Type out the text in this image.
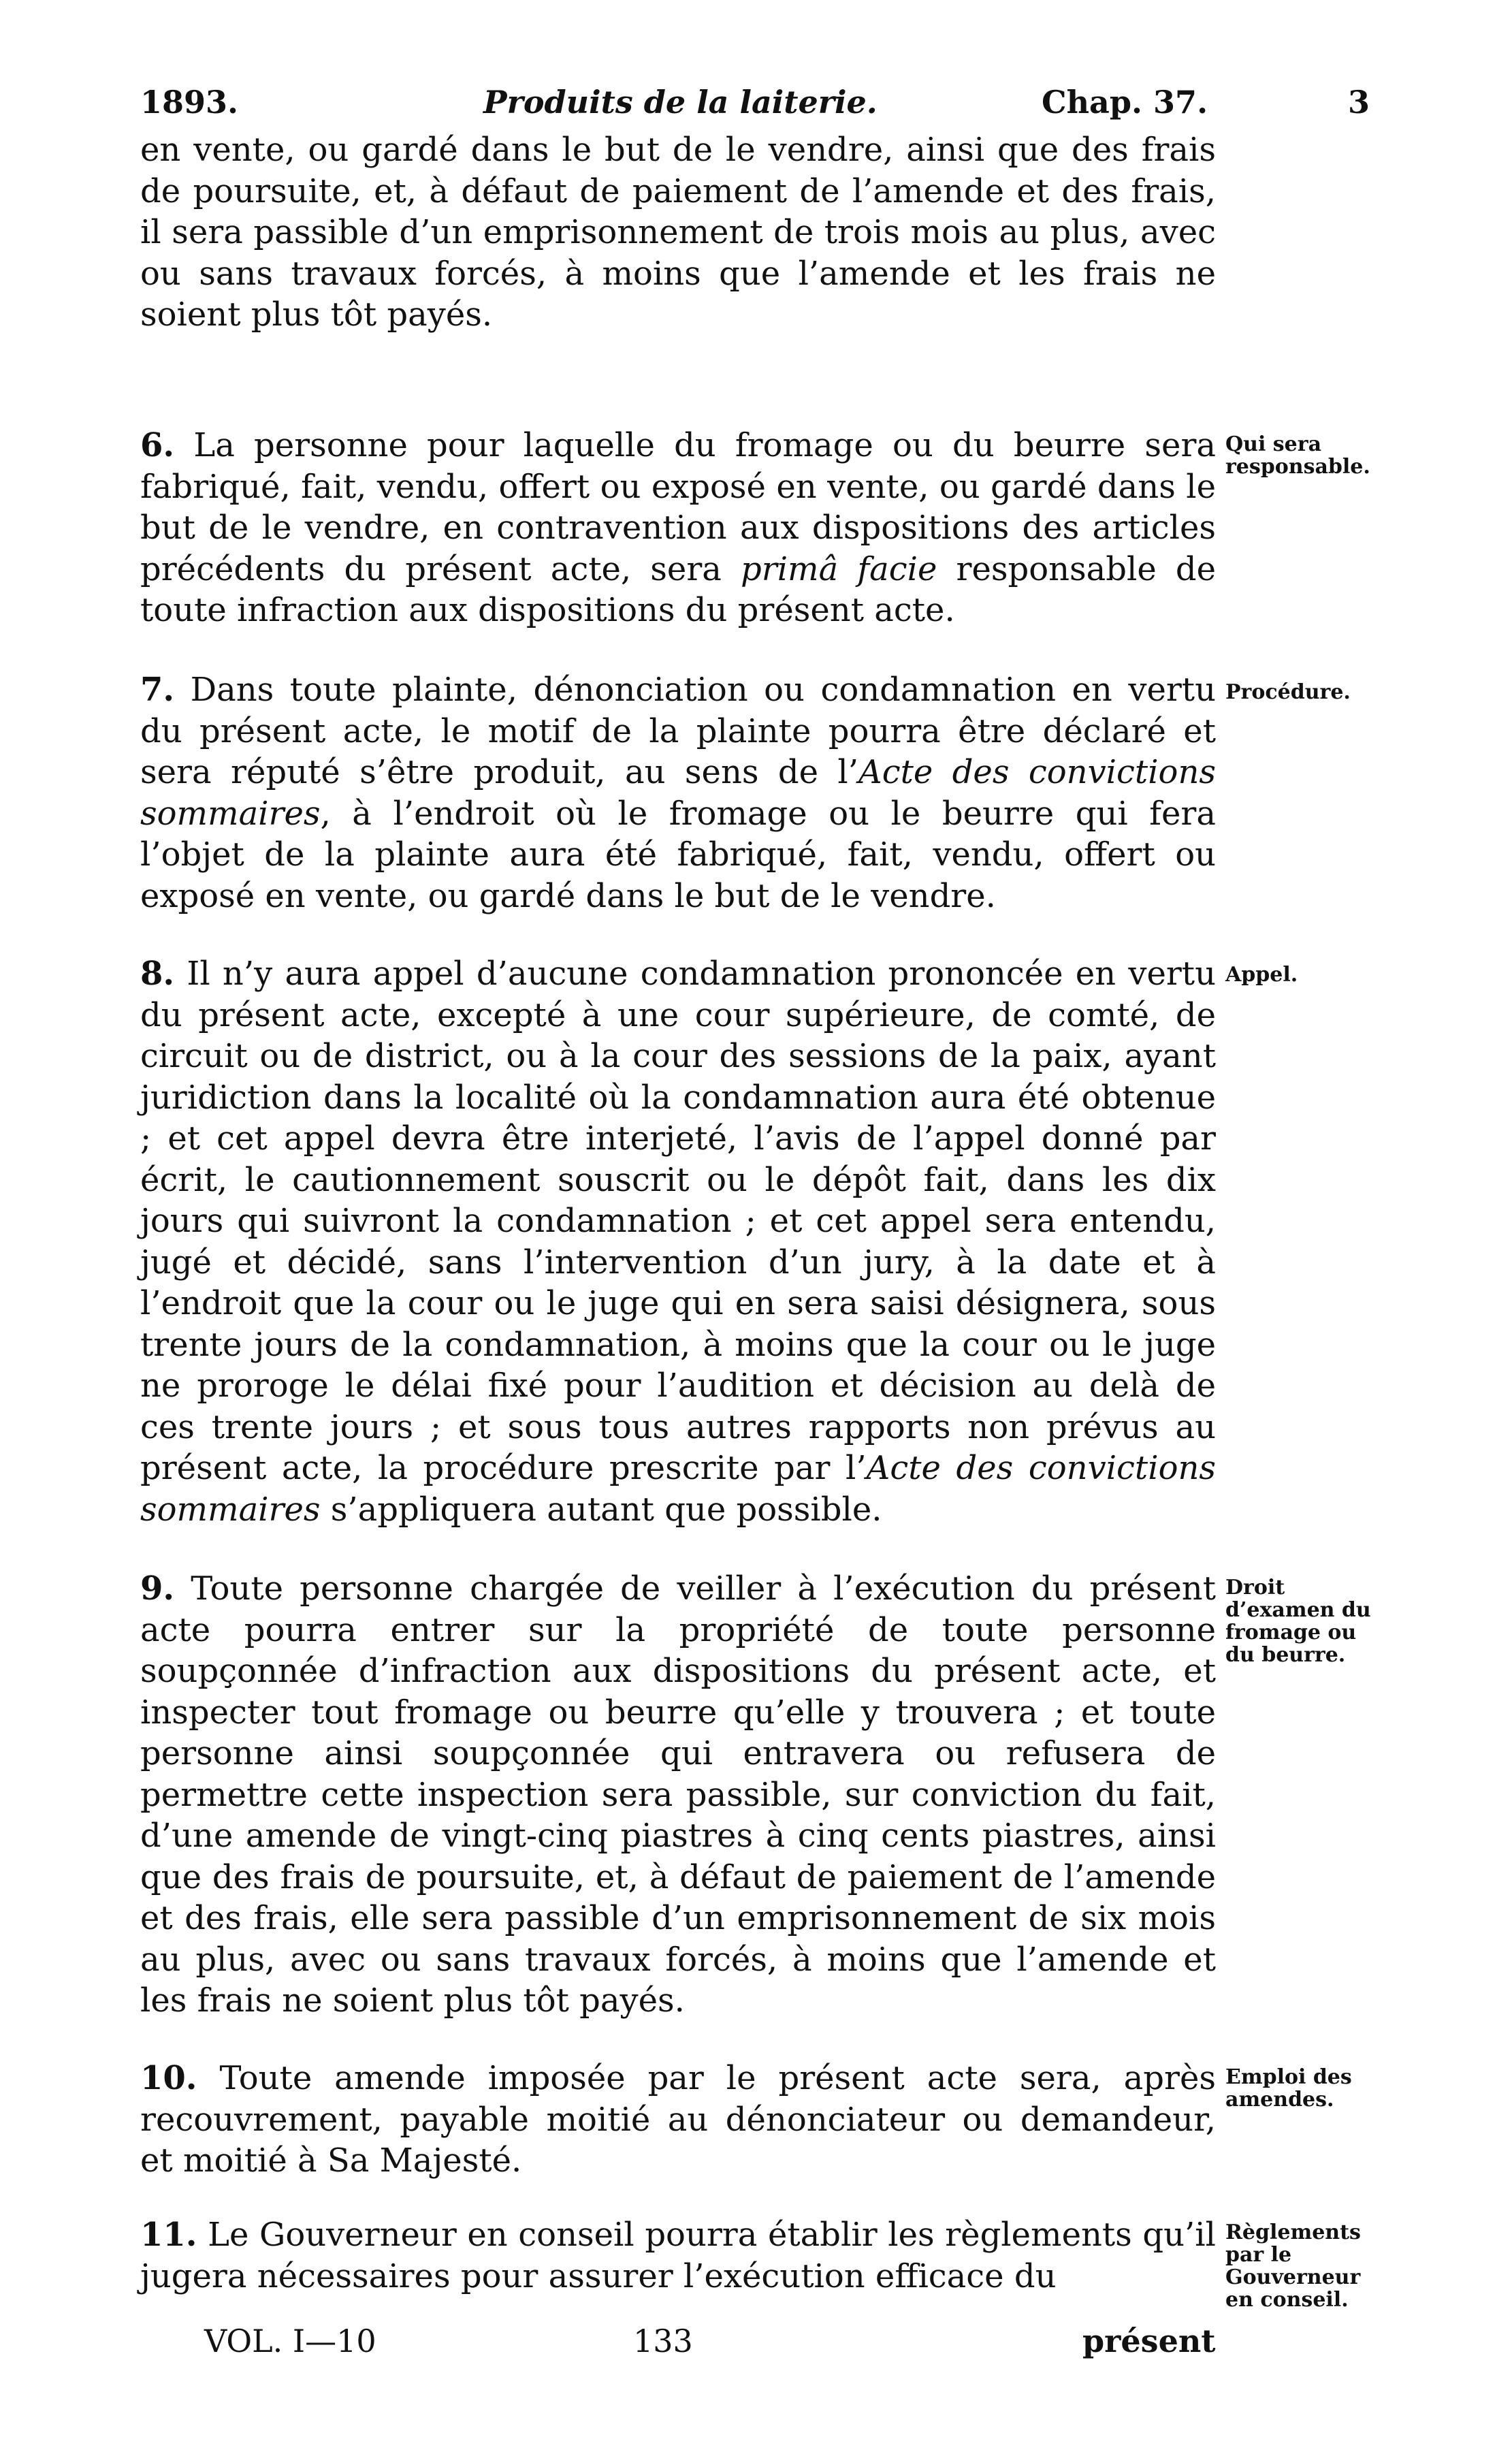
1893.	Produits de la laiterie.	Chap. 37.	3

en vente, ou gardé dans le but de le vendre, ainsi que des frais de poursuite, et, à défaut de paiement de l’amende et des frais, il sera passible d’un emprisonnement de trois mois au plus, avec ou sans travaux forcés, à moins que l’amende et les frais ne soient plus tôt payés.

6. La personne pour laquelle du fromage ou du beurre sera fabriqué, fait, vendu, offert ou exposé en vente, ou gardé dans le but de le vendre, en contravention aux dispositions des articles précédents du présent acte, sera primâ facie responsable de toute infraction aux dispositions du présent acte.

Qui sera responsable.

7. Dans toute plainte, dénonciation ou condamnation en vertu du présent acte, le motif de la plainte pourra être déclaré et sera réputé s’être produit, au sens de l’Acte des convictions sommaires, à l’endroit où le fromage ou le beurre qui fera l’objet de la plainte aura été fabriqué, fait, vendu, offert ou exposé en vente, ou gardé dans le but de le vendre.

Procédure.

8. Il n’y aura appel d’aucune condamnation prononcée en vertu du présent acte, excepté à une cour supérieure, de comté, de circuit ou de district, ou à la cour des sessions de la paix, ayant juridiction dans la localité où la condamnation aura été obtenue ; et cet appel devra être interjeté, l’avis de l’appel donné par écrit, le cautionnement souscrit ou le dépôt fait, dans les dix jours qui suivront la condamnation ; et cet appel sera entendu, jugé et décidé, sans l’intervention d’un jury, à la date et à l’endroit que la cour ou le juge qui en sera saisi désignera, sous trente jours de la condamnation, à moins que la cour ou le juge ne proroge le délai fixé pour l’audition et décision au delà de ces trente jours ; et sous tous autres rapports non prévus au présent acte, la procédure prescrite par l’Acte des convictions sommaires s’appliquera autant que possible.

Appel.

9. Toute personne chargée de veiller à l’exécution du présent acte pourra entrer sur la propriété de toute personne soupçonnée d’infraction aux dispositions du présent acte, et inspecter tout fromage ou beurre qu’elle y trouvera ; et toute personne ainsi soupçonnée qui entravera ou refusera de permettre cette inspection sera passible, sur conviction du fait, d’une amende de vingt-cinq piastres à cinq cents piastres, ainsi que des frais de poursuite, et, à défaut de paiement de l’amende et des frais, elle sera passible d’un emprisonnement de six mois au plus, avec ou sans travaux forcés, à moins que l’amende et les frais ne soient plus tôt payés.

Droit d’examen du fromage ou du beurre.

10. Toute amende imposée par le présent acte sera, après recouvrement, payable moitié au dénonciateur ou demandeur, et moitié à Sa Majesté.

Emploi des amendes.

11. Le Gouverneur en conseil pourra établir les règlements qu’il jugera nécessaires pour assurer l’exécution efficace du

Règlements par le Gouverneur en conseil.
VOL. I—10	133	présent
